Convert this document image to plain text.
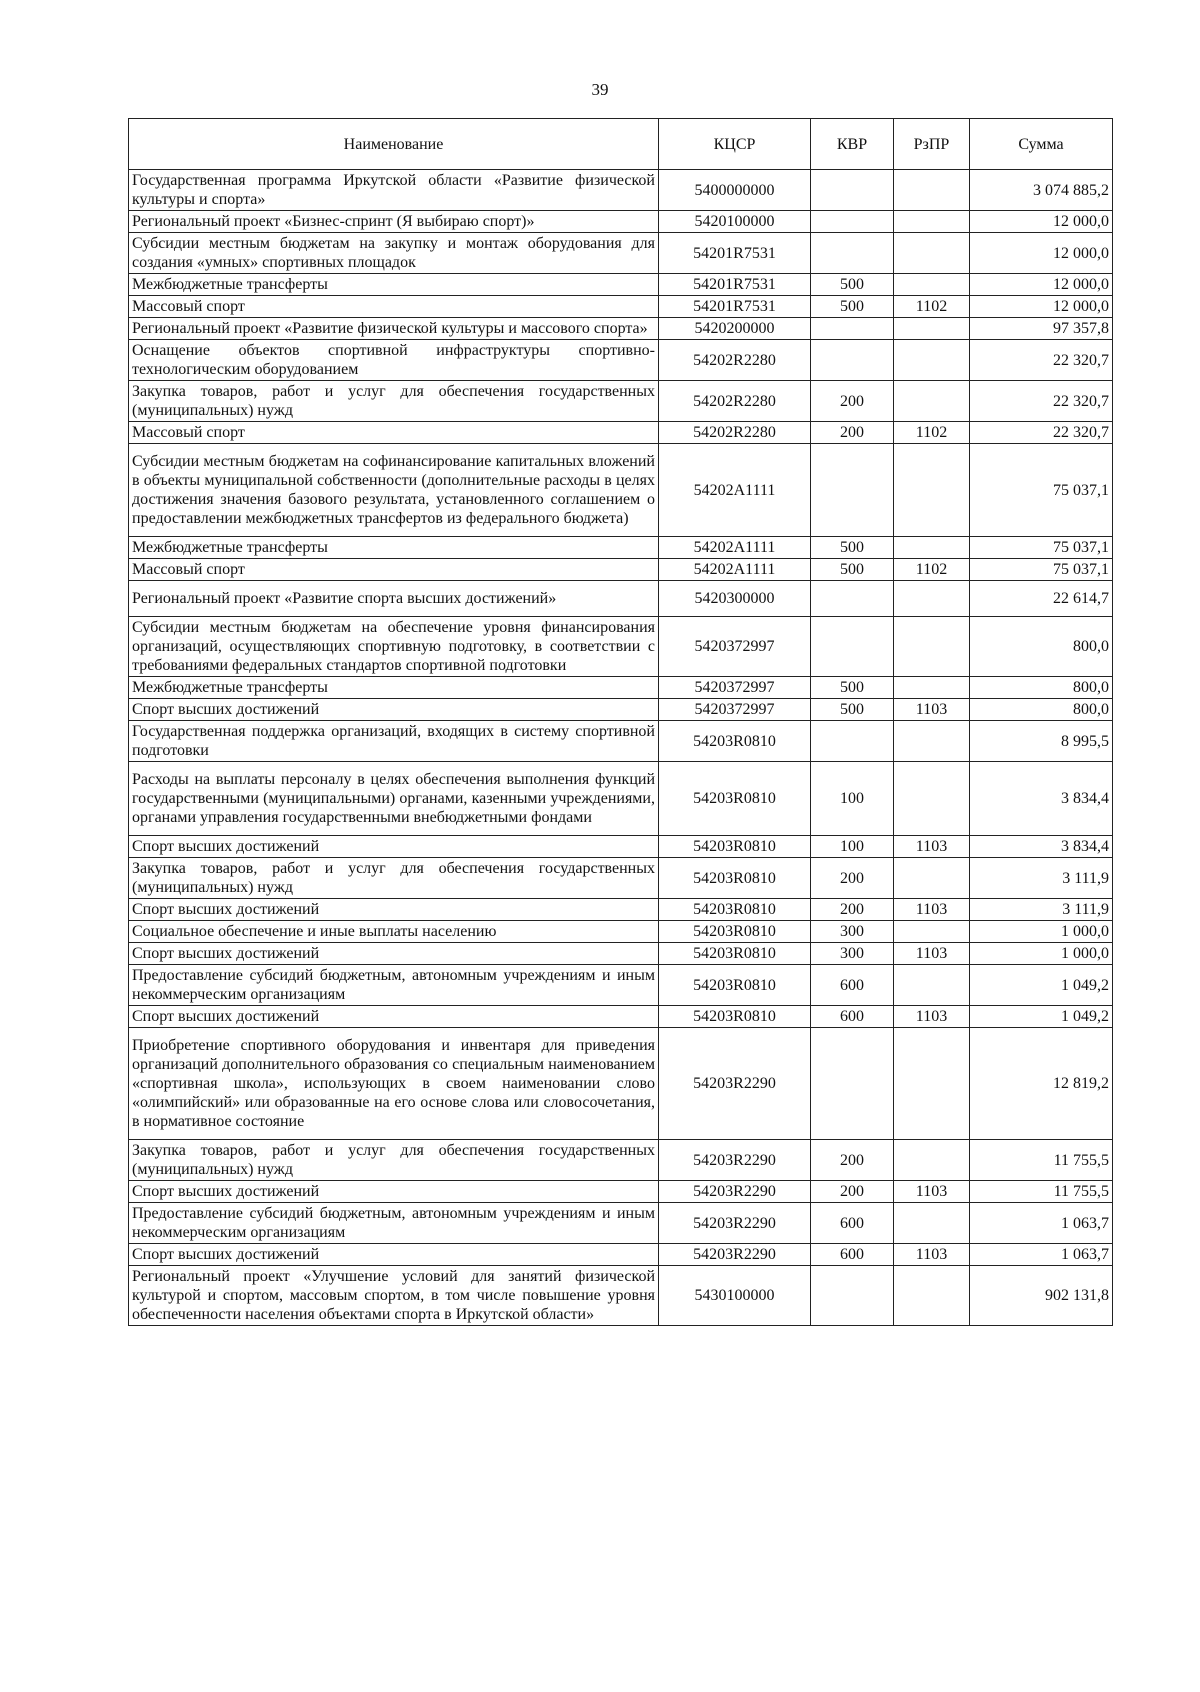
39
Наименование	КЦСР	КВР	РзПР	Сумма
Государственная программа Иркутской области «Развитие физической культуры и спорта»	5400000000			3 074 885,2
Региональный проект «Бизнес-спринт (Я выбираю спорт)»	5420100000			12 000,0
Субсидии местным бюджетам на закупку и монтаж оборудования для создания «умных» спортивных площадок	54201R7531			12 000,0
Межбюджетные трансферты	54201R7531	500		12 000,0
Массовый спорт	54201R7531	500	1102	12 000,0
Региональный проект «Развитие физической культуры и массового спорта»	5420200000			97 357,8
Оснащение объектов спортивной инфраструктуры спортивно-технологическим оборудованием	54202R2280			22 320,7
Закупка товаров, работ и услуг для обеспечения государственных (муниципальных) нужд	54202R2280	200		22 320,7
Массовый спорт	54202R2280	200	1102	22 320,7
Субсидии местным бюджетам на софинансирование капитальных вложений в объекты муниципальной собственности (дополнительные расходы в целях достижения значения базового результата, установленного соглашением о предоставлении межбюджетных трансфертов из федерального бюджета)	54202A1111			75 037,1
Межбюджетные трансферты	54202A1111	500		75 037,1
Массовый спорт	54202A1111	500	1102	75 037,1
Региональный проект «Развитие спорта высших достижений»	5420300000			22 614,7
Субсидии местным бюджетам на обеспечение уровня финансирования организаций, осуществляющих спортивную подготовку, в соответствии с требованиями федеральных стандартов спортивной подготовки	5420372997			800,0
Межбюджетные трансферты	5420372997	500		800,0
Спорт высших достижений	5420372997	500	1103	800,0
Государственная поддержка организаций, входящих в систему спортивной подготовки	54203R0810			8 995,5
Расходы на выплаты персоналу в целях обеспечения выполнения функций государственными (муниципальными) органами, казенными учреждениями, органами управления государственными внебюджетными фондами	54203R0810	100		3 834,4
Спорт высших достижений	54203R0810	100	1103	3 834,4
Закупка товаров, работ и услуг для обеспечения государственных (муниципальных) нужд	54203R0810	200		3 111,9
Спорт высших достижений	54203R0810	200	1103	3 111,9
Социальное обеспечение и иные выплаты населению	54203R0810	300		1 000,0
Спорт высших достижений	54203R0810	300	1103	1 000,0
Предоставление субсидий бюджетным, автономным учреждениям и иным некоммерческим организациям	54203R0810	600		1 049,2
Спорт высших достижений	54203R0810	600	1103	1 049,2
Приобретение спортивного оборудования и инвентаря для приведения организаций дополнительного образования со специальным наименованием «спортивная школа», использующих в своем наименовании слово «олимпийский» или образованные на его основе слова или словосочетания, в нормативное состояние	54203R2290			12 819,2
Закупка товаров, работ и услуг для обеспечения государственных (муниципальных) нужд	54203R2290	200		11 755,5
Спорт высших достижений	54203R2290	200	1103	11 755,5
Предоставление субсидий бюджетным, автономным учреждениям и иным некоммерческим организациям	54203R2290	600		1 063,7
Спорт высших достижений	54203R2290	600	1103	1 063,7
Региональный проект «Улучшение условий для занятий физической культурой и спортом, массовым спортом, в том числе повышение уровня обеспеченности населения объектами спорта в Иркутской области»	5430100000			902 131,8
